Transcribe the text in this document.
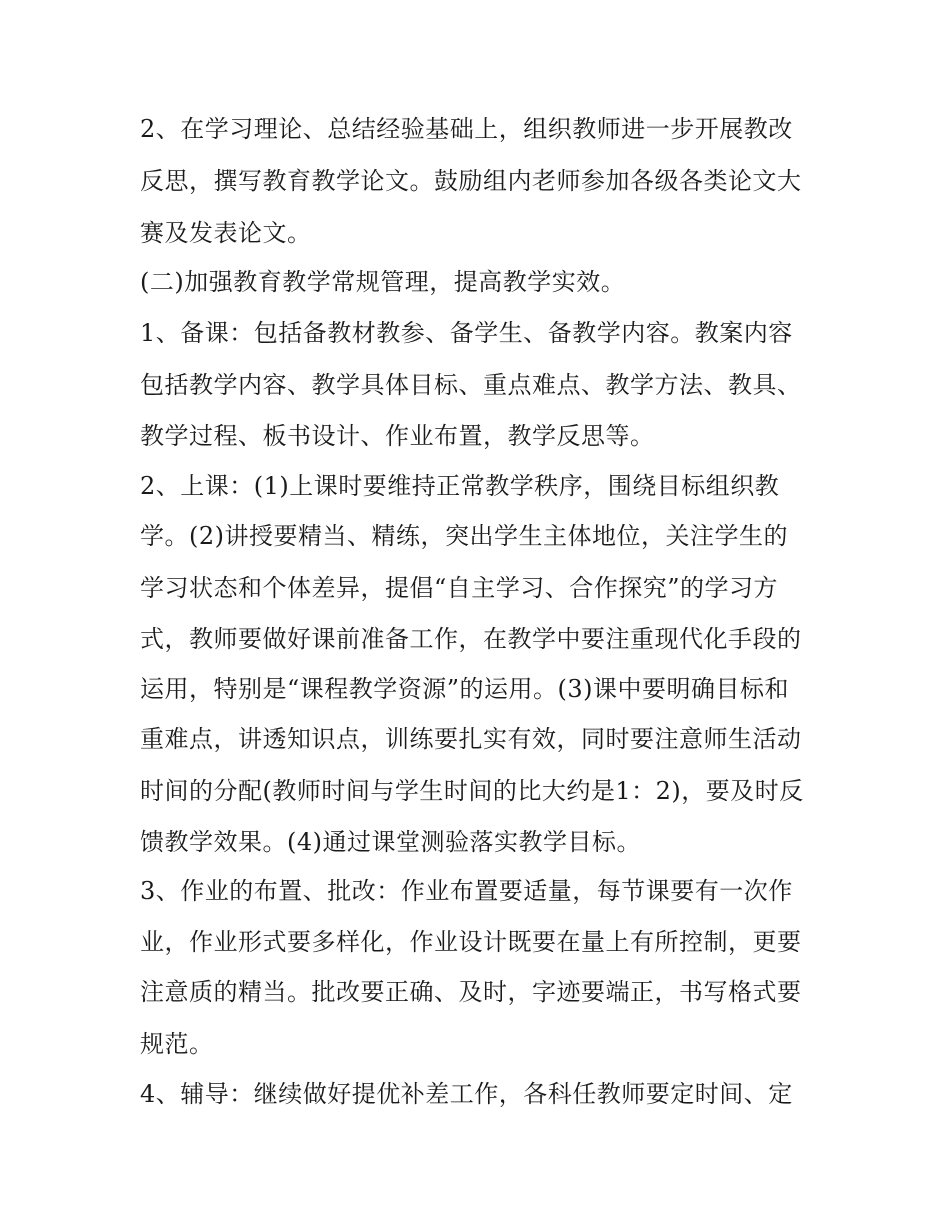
2、在学习理论、总结经验基础上，组织教师进一步开展教改

反思，撰写教育教学论文。鼓励组内老师参加各级各类论文大

赛及发表论文。

(二)加强教育教学常规管理，提高教学实效。

1、备课：包括备教材教参、备学生、备教学内容。教案内容

包括教学内容、教学具体目标、重点难点、教学方法、教具、

教学过程、板书设计、作业布置，教学反思等。

2、上课：(1)上课时要维持正常教学秩序，围绕目标组织教

学。(2)讲授要精当、精练，突出学生主体地位，关注学生的

学习状态和个体差异，提倡“自主学习、合作探究”的学习方

式，教师要做好课前准备工作，在教学中要注重现代化手段的

运用，特别是“课程教学资源”的运用。(3)课中要明确目标和

重难点，讲透知识点，训练要扎实有效，同时要注意师生活动

时间的分配(教师时间与学生时间的比大约是1：2)，要及时反

馈教学效果。(4)通过课堂测验落实教学目标。

3、作业的布置、批改：作业布置要适量，每节课要有一次作

业，作业形式要多样化，作业设计既要在量上有所控制，更要

注意质的精当。批改要正确、及时，字迹要端正，书写格式要

规范。

4、辅导：继续做好提优补差工作，各科任教师要定时间、定
